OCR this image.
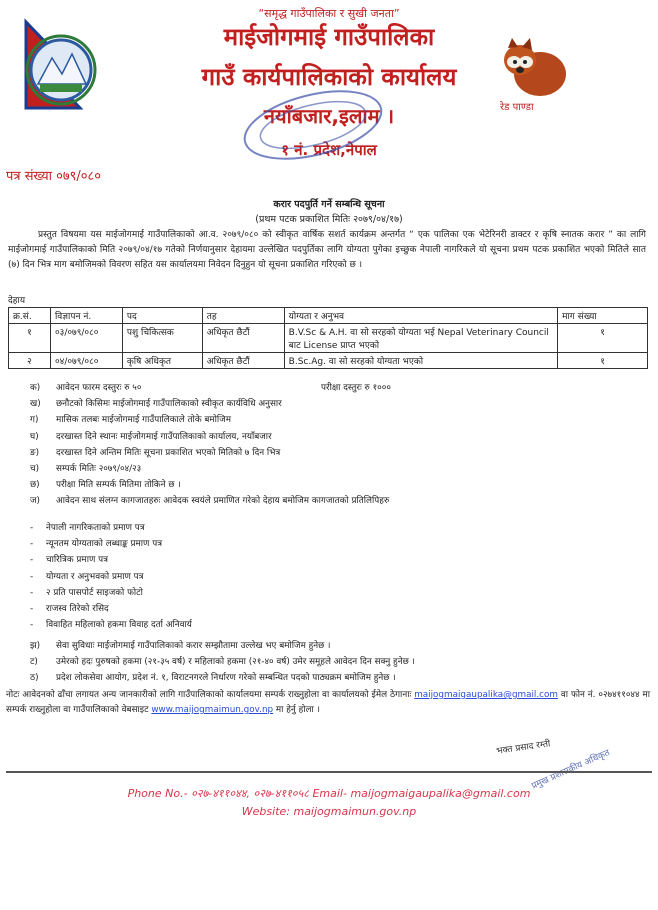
“समृद्ध गाउँपालिका र सुखी जनता”
माईजोगमाई गाउँपालिका
गाउँ कार्यपालिकाको कार्यालय
नयाँबजार,इलाम ।
१ नं. प्रदेश,नेपाल
रेड पाण्डा
पत्र संख्या ०७९/०८०
करार पदपुर्ति गर्ने सम्बन्धि सूचना
(प्रथम पटक प्रकाशित मितिः २०७९/०४/१७)
प्रस्तुत विषयमा यस माईजोगमाई गाउँपालिकाको आ.व. २०७९/०८० को स्वीकृत वार्षिक सशर्त कार्यक्रम अन्तर्गत “ एक पालिका एक भेटेरिनरी डाक्टर र कृषि स्नातक करार ” का लागि माईजोगमाई गाउँपालिकाको मिति २०७९/०४/१७ गतेको निर्णयानुसार देहायमा उल्लेखित पदपुर्तिका लागि योग्यता पुगेका इच्छुक नेपाली नागरिकले यो सूचना प्रथम पटक प्रकाशित भएको मितिले सात (७) दिन भित्र माग बमोजिमको विवरण सहित यस कार्यालयमा निवेदन दिनुहुन यो सूचना प्रकाशित गरिएको छ ।
देहाय
क्र.सं.	विज्ञापन नं.	पद	तह	योग्यता र अनुभव	माग संख्या
१	०३/०७९/०८०	पशु चिकित्सक	अधिकृत छैटौं	B.V.Sc & A.H. वा सो सरहको योग्यता भई Nepal Veterinary Council बाट License प्राप्त भएको	१
२	०४/०७९/०८०	कृषि अधिकृत	अधिकृत छैटौं	B.Sc.Ag. वा सो सरहको योग्यता भएको	१
क)	आवेदन फारम दस्तुरः रु ५०	परीक्षा दस्तुरः रु १०००
ख)	छनौटको किसिमः माईजोगमाई गाउँपालिकाको स्वीकृत कार्यविधि अनुसार
ग)	मासिक तलबः माईजोगमाई गाउँपालिकाले तोके बमोजिम
घ)	दरखास्त दिने स्थानः माईजोगमाई गाउँपालिकाको कार्यालय, नयाँबजार
ङ)	दरखास्त दिने अन्तिम मितिः सूचना प्रकाशित भएको मितिको ७ दिन भित्र
च)	सम्पर्क मितिः २०७९/०४/२३
छ)	परीक्षा मिति सम्पर्क मितिमा तोकिने छ ।
ज)	आवेदन साथ संलग्न कागजातहरुः आवेदक स्वयंले प्रमाणित गरेको देहाय बमोजिम कागजातको प्रतिलिपिहरु
-	नेपाली नागरिकताको प्रमाण पत्र
-	न्यूनतम योग्यताको लब्धाङ्क प्रमाण पत्र
-	चारित्रिक प्रमाण पत्र
-	योग्यता र अनुभवको प्रमाण पत्र
-	२ प्रति पासपोर्ट साइजको फोटो
-	राजस्व तिरेको रसिद
-	विवाहित महिलाको हकमा विवाह दर्ता अनिवार्य
झ)	सेवा सुविधाः माईजोगमाई गाउँपालिकाको करार सम्झौतामा उल्लेख भए बमोजिम हुनेछ ।
ट)	उमेरको हदः पुरुषको हकमा (२१-३५ वर्ष) र महिलाको हकमा (२१-४० वर्ष) उमेर समूहले आवेदन दिन सक्नु हुनेछ ।
ठ)	प्रदेश लोकसेवा आयोग, प्रदेश नं. १, विराटनगरले निर्धारण गरेको सम्बन्धित पदको पाठ्यक्रम बमोजिम हुनेछ ।
नोटः आवेदनको ढाँचा लगायत अन्य जानकारीको लागि गाउँपालिकाको कार्यालयमा सम्पर्क राख्नुहोला वा कार्यालयको ईमेल ठेगानाः maijogmaigaupalika@gmail.com वा फोन नं. ०२७४११०४४ मा सम्पर्क राख्नुहोला वा गाउँपालिकाको वेबसाइट www.maijogmaimun.gov.np मा हेर्नु होला ।
भक्त प्रसाद रम्ती
प्रमुख प्रशासकीय अधिकृत
Phone No.- ०२७-४११०४४, ०२७-४११०५८ Email- maijogmaigaupalika@gmail.com
Website: maijogmaimun.gov.np
